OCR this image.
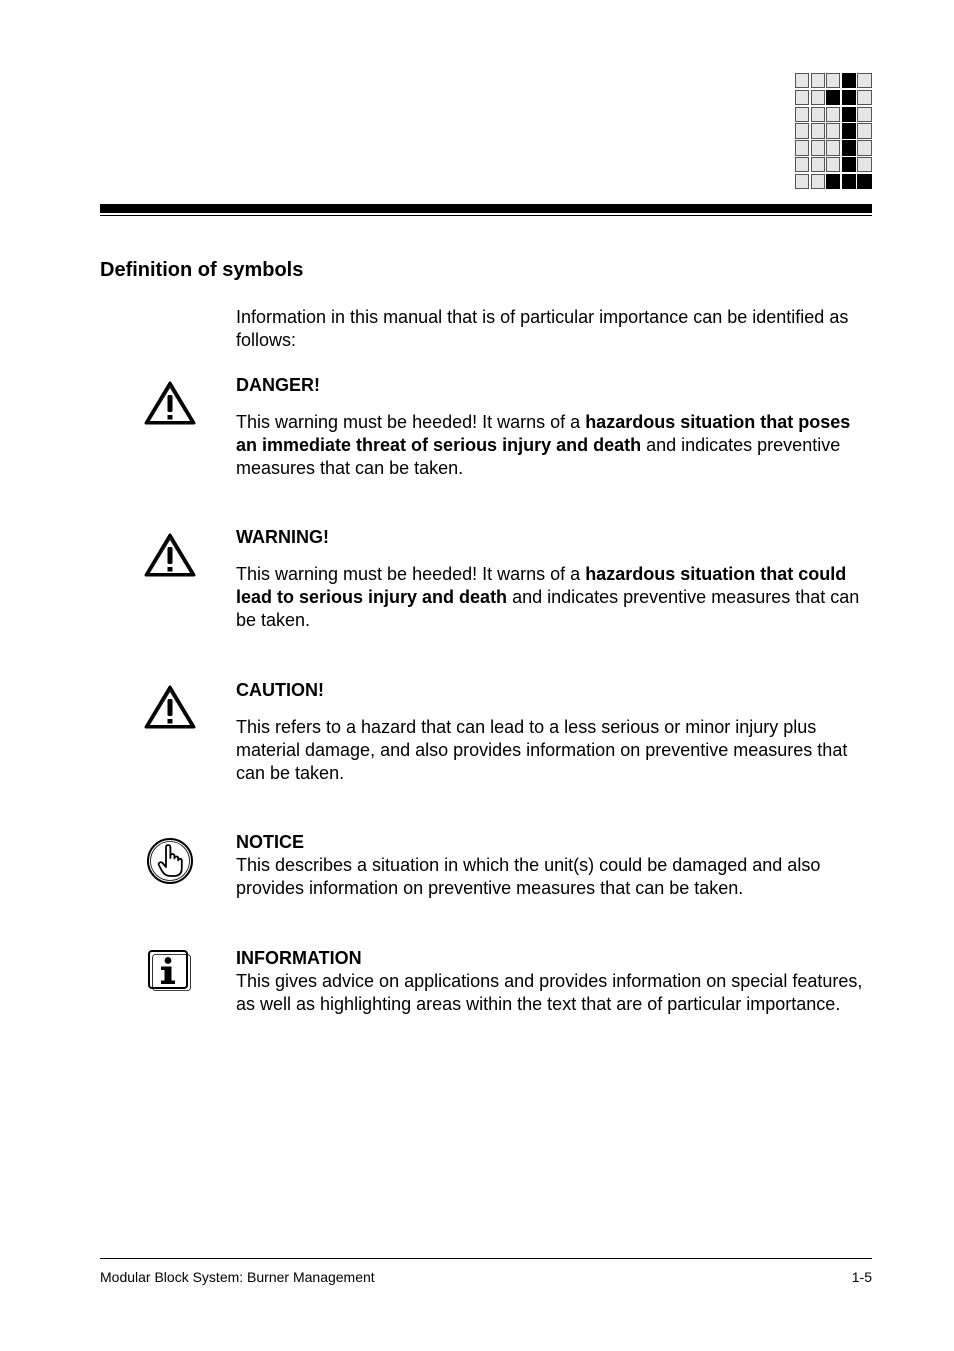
Definition of symbols

Information in this manual that is of particular importance can be identified as follows:

DANGER!

This warning must be heeded! It warns of a hazardous situation that poses an immediate threat of serious injury and death and indicates preventive measures that can be taken.

WARNING!

This warning must be heeded! It warns of a hazardous situation that could lead to serious injury and death and indicates preventive measures that can be taken.

CAUTION!

This refers to a hazard that can lead to a less serious or minor injury plus material damage, and also provides information on preventive measures that can be taken.

NOTICE

This describes a situation in which the unit(s) could be damaged and also provides information on preventive measures that can be taken.

INFORMATION

This gives advice on applications and provides information on special features, as well as highlighting areas within the text that are of particular importance.

Modular Block System: Burner Management	1-5
